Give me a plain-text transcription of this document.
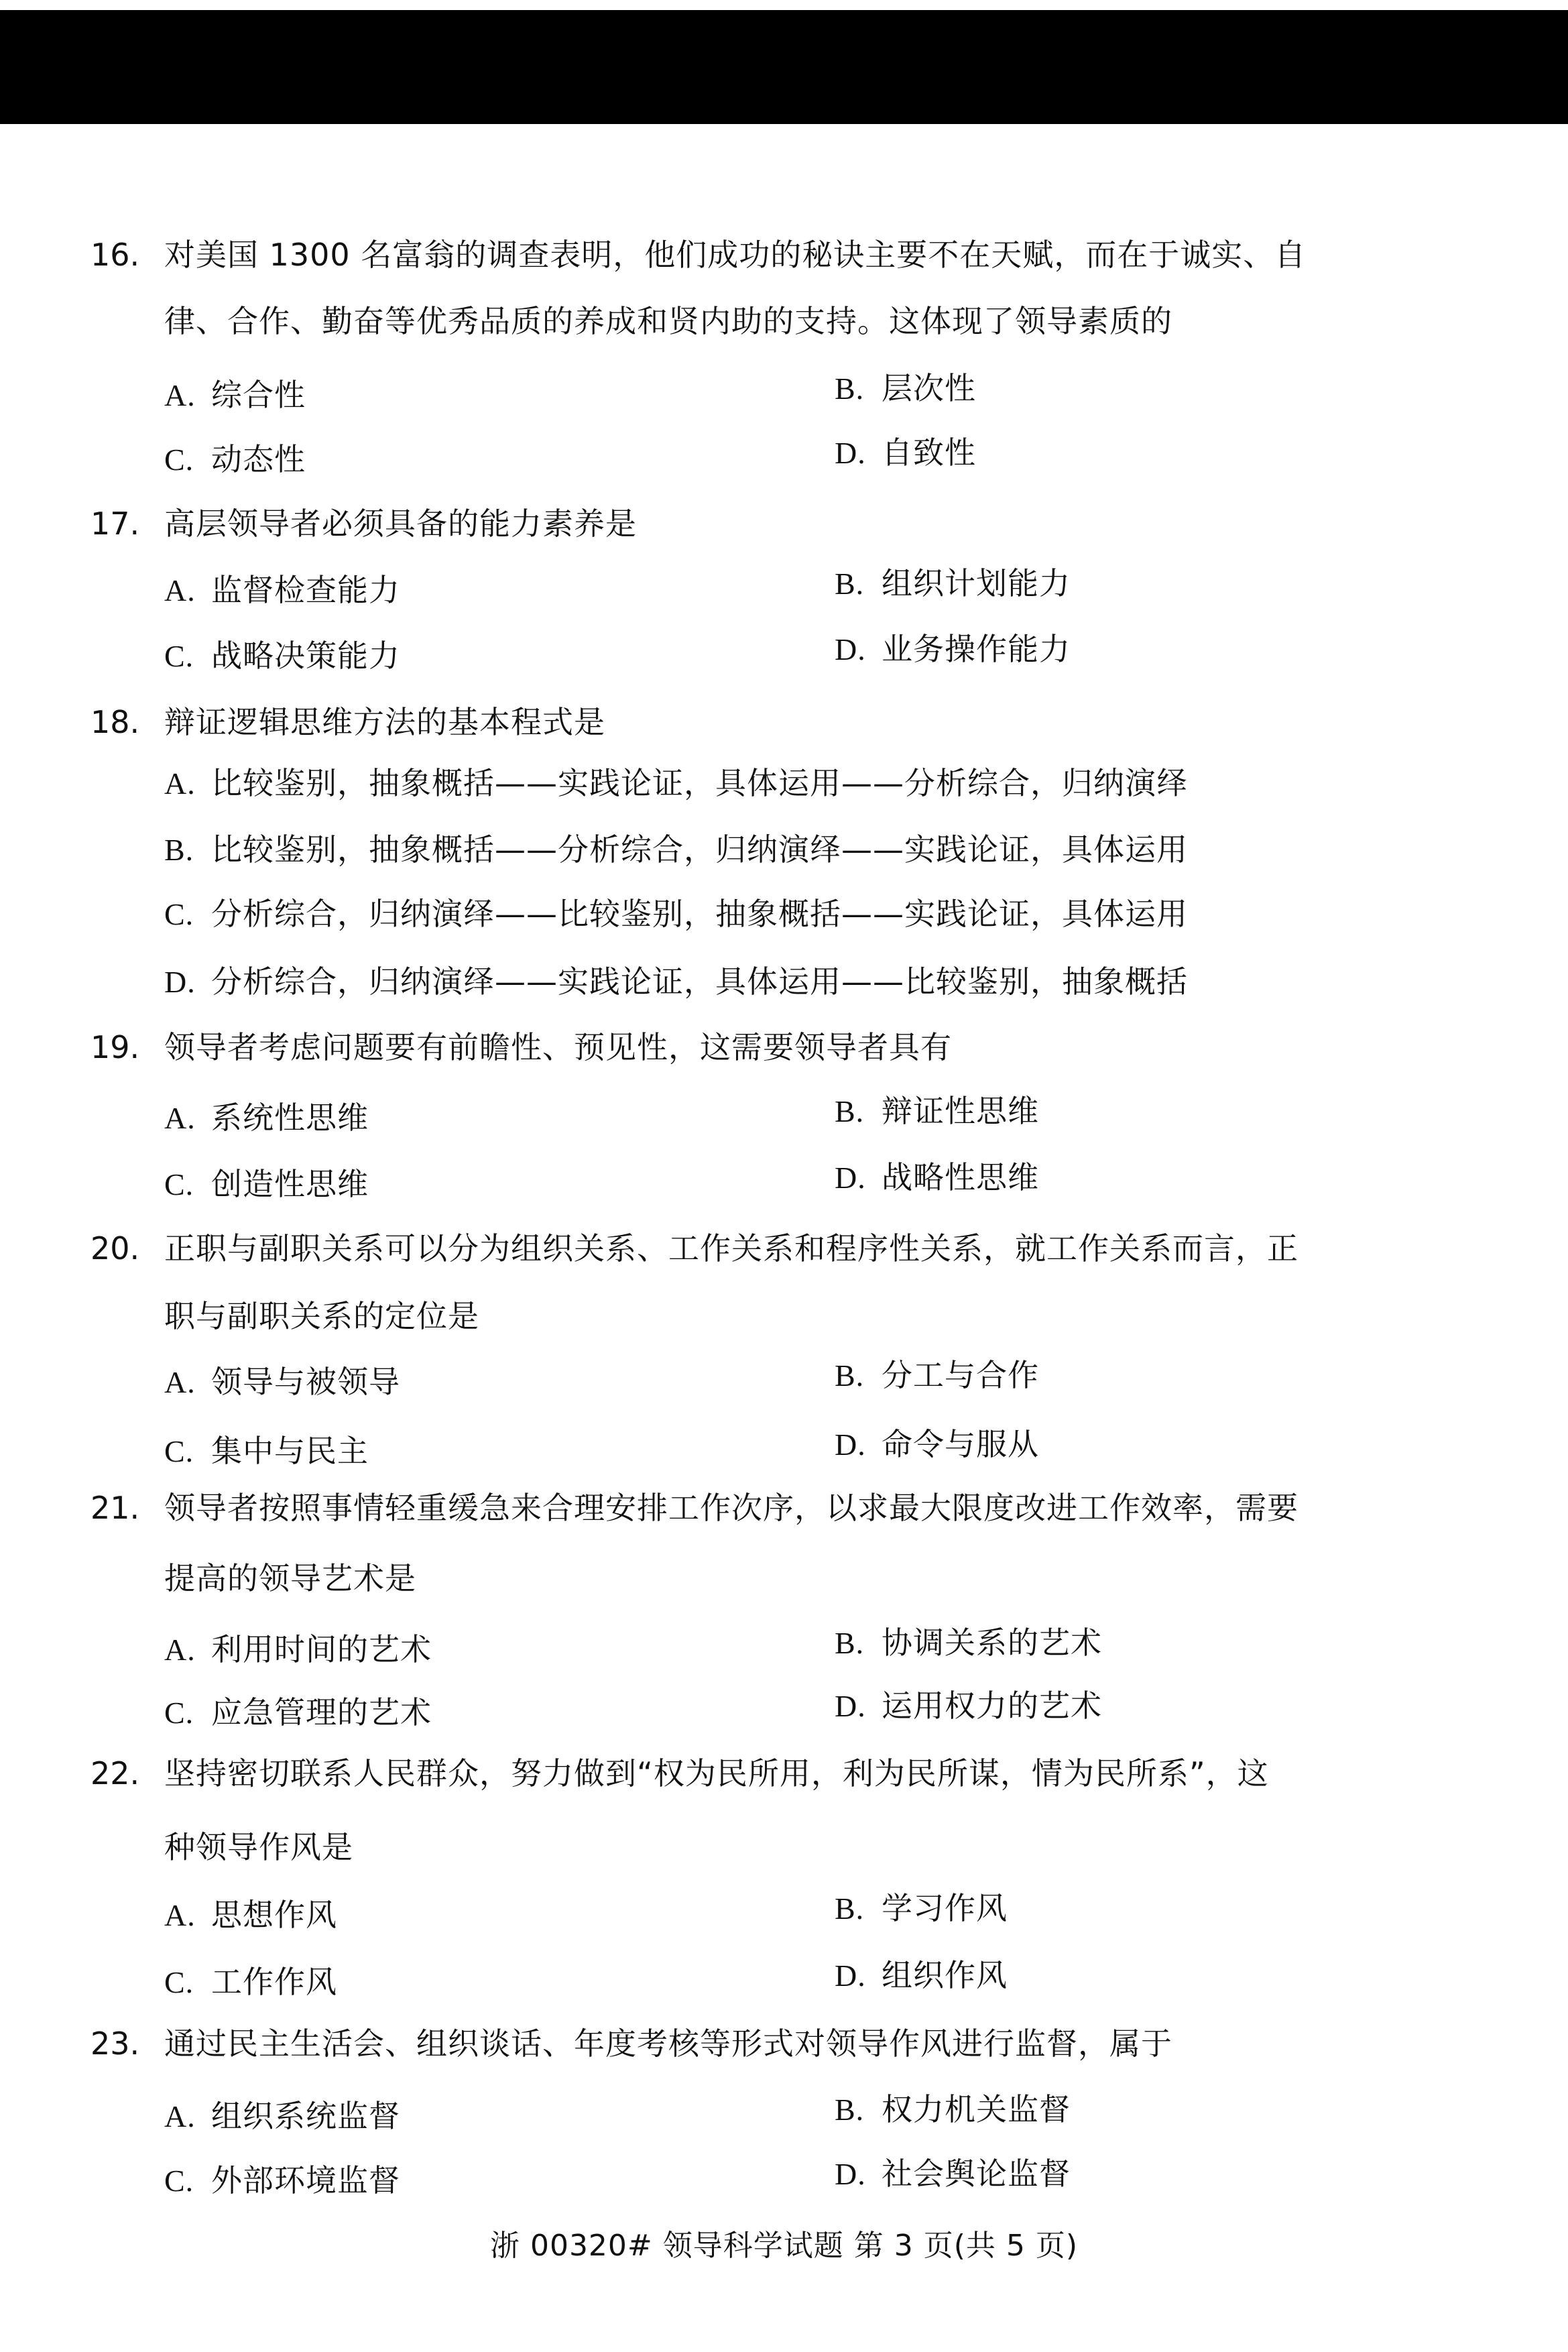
16. 对美国 1300 名富翁的调查表明，他们成功的秘诀主要不在天赋，而在于诚实、自
律、合作、勤奋等优秀品质的养成和贤内助的支持。这体现了领导素质的
A. 综合性	B. 层次性
C. 动态性	D. 自致性
17. 高层领导者必须具备的能力素养是
A. 监督检查能力	B. 组织计划能力
C. 战略决策能力	D. 业务操作能力
18. 辩证逻辑思维方法的基本程式是
A. 比较鉴别，抽象概括——实践论证，具体运用——分析综合，归纳演绎
B. 比较鉴别，抽象概括——分析综合，归纳演绎——实践论证，具体运用
C. 分析综合，归纳演绎——比较鉴别，抽象概括——实践论证，具体运用
D. 分析综合，归纳演绎——实践论证，具体运用——比较鉴别，抽象概括
19. 领导者考虑问题要有前瞻性、预见性，这需要领导者具有
A. 系统性思维	B. 辩证性思维
C. 创造性思维	D. 战略性思维
20. 正职与副职关系可以分为组织关系、工作关系和程序性关系，就工作关系而言，正
职与副职关系的定位是
A. 领导与被领导	B. 分工与合作
C. 集中与民主	D. 命令与服从
21. 领导者按照事情轻重缓急来合理安排工作次序，以求最大限度改进工作效率，需要
提高的领导艺术是
A. 利用时间的艺术	B. 协调关系的艺术
C. 应急管理的艺术	D. 运用权力的艺术
22. 坚持密切联系人民群众，努力做到“权为民所用，利为民所谋，情为民所系”，这
种领导作风是
A. 思想作风	B. 学习作风
C. 工作作风	D. 组织作风
23. 通过民主生活会、组织谈话、年度考核等形式对领导作风进行监督，属于
A. 组织系统监督	B. 权力机关监督
C. 外部环境监督	D. 社会舆论监督
浙 00320# 领导科学试题 第 3 页(共 5 页)
